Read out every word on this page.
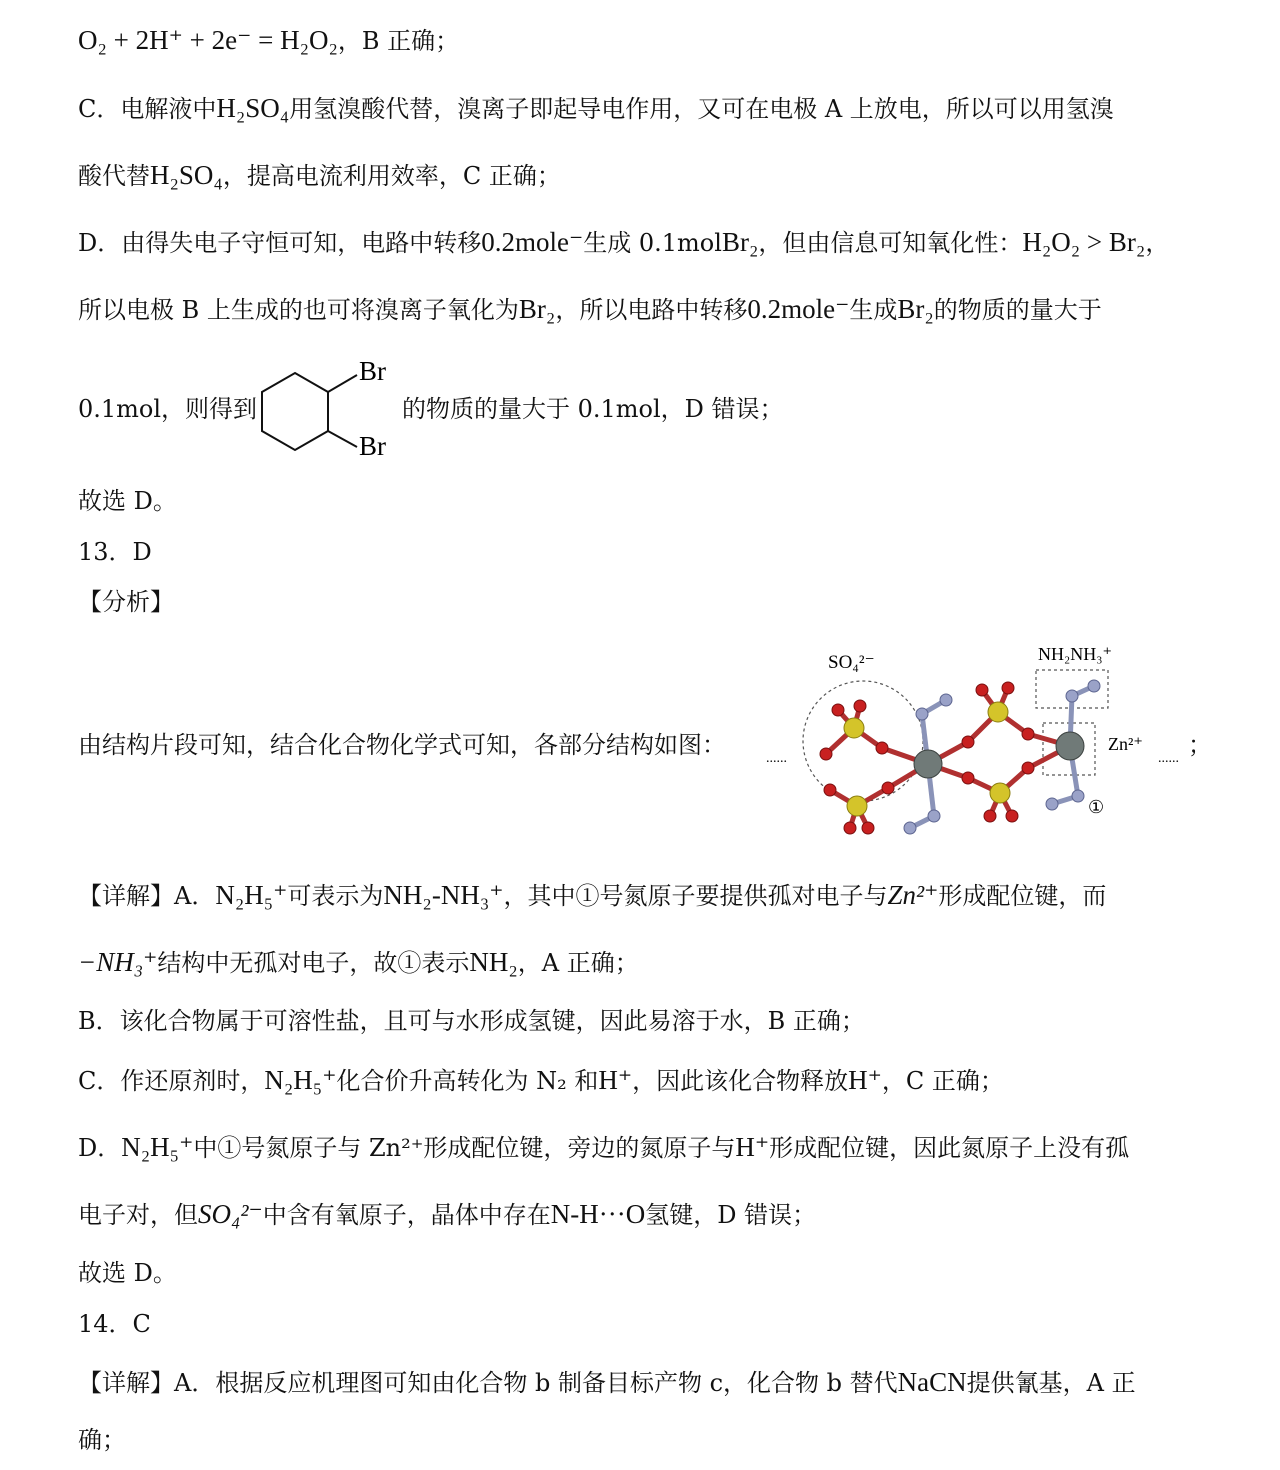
O₂ + 2H⁺ + 2e⁻ = H₂O₂，B 正确；
C．电解液中H₂SO₄用氢溴酸代替，溴离子即起导电作用，又可在电极 A 上放电，所以可以用氢溴
酸代替H₂SO₄，提高电流利用效率，C 正确；
D．由得失电子守恒可知，电路中转移0.2mole⁻生成 0.1molBr₂，但由信息可知氧化性：H₂O₂ > Br₂，
所以电极 B 上生成的也可将溴离子氧化为Br₂，所以电路中转移0.2mole⁻生成Br₂的物质的量大于
0.1mol，则得到
Br
Br
的物质的量大于 0.1mol，D 错误；
故选 D。
13．D
【分析】
由结构片段可知，结合化合物化学式可知，各部分结构如图：	......
SO₄²⁻	NH₂NH₃⁺
Zn²⁺
......
①
；
【详解】A．N₂H₅⁺可表示为NH₂-NH₃⁺，其中①号氮原子要提供孤对电子与Zn²⁺形成配位键，而
−NH₃⁺结构中无孤对电子，故①表示NH₂，A 正确；
B．该化合物属于可溶性盐，且可与水形成氢键，因此易溶于水，B 正确；
C．作还原剂时，N₂H₅⁺化合价升高转化为 N₂ 和H⁺，因此该化合物释放H⁺，C 正确；
D．N₂H₅⁺中①号氮原子与 Zn²⁺形成配位键，旁边的氮原子与H⁺形成配位键，因此氮原子上没有孤
电子对，但SO₄²⁻中含有氧原子，晶体中存在N-H···O氢键，D 错误；
故选 D。
14．C
【详解】A．根据反应机理图可知由化合物 b 制备目标产物 c，化合物 b 替代NaCN提供氰基，A 正
确；
